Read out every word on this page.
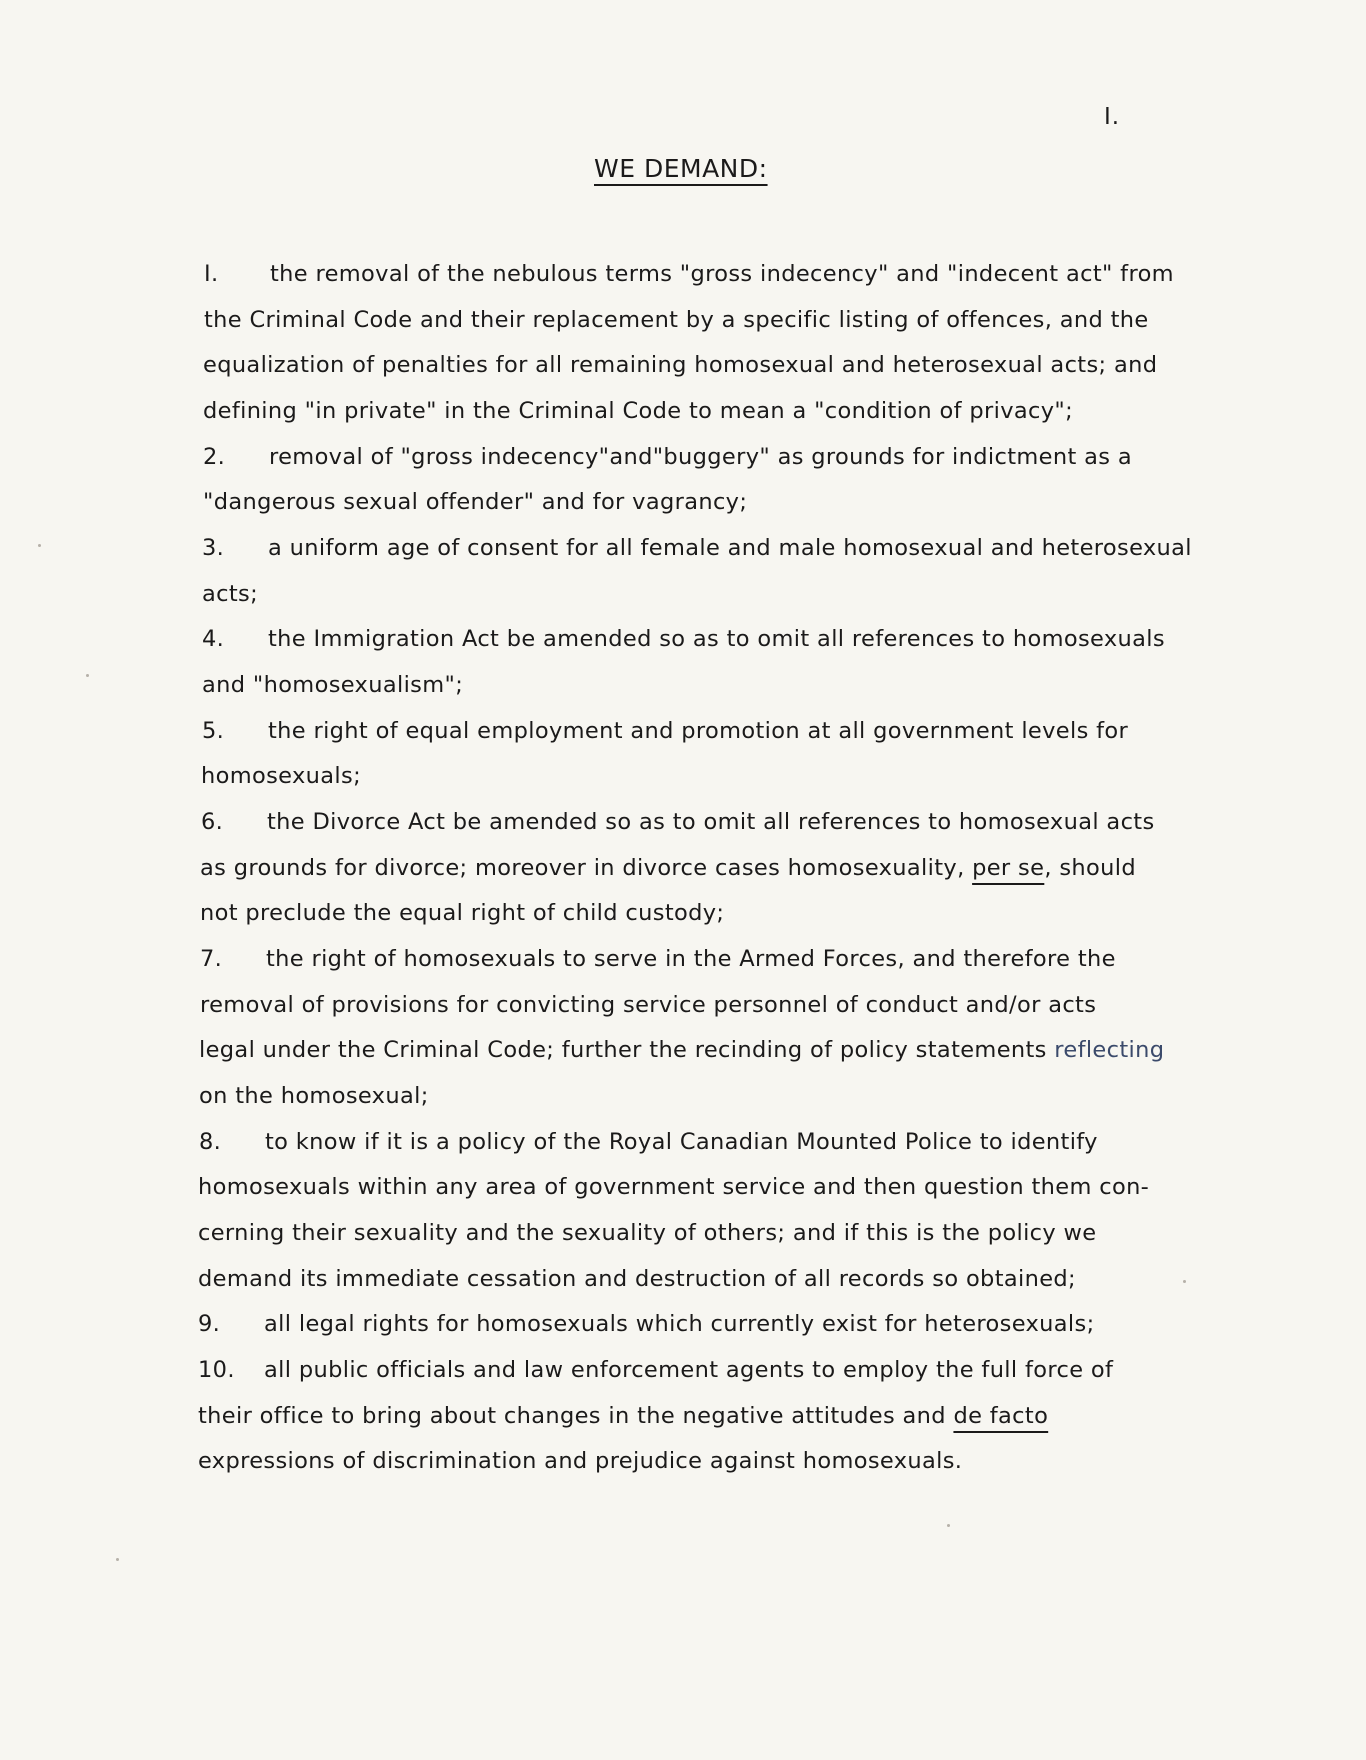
I.
WE DEMAND:
I. the removal of the nebulous terms "gross indecency" and "indecent act" from
the Criminal Code and their replacement by a specific listing of offences, and the
equalization of penalties for all remaining homosexual and heterosexual acts; and
defining "in private" in the Criminal Code to mean a "condition of privacy";
2. removal of "gross indecency"and"buggery" as grounds for indictment as a
"dangerous sexual offender" and for vagrancy;
3. a uniform age of consent for all female and male homosexual and heterosexual
acts;
4. the Immigration Act be amended so as to omit all references to homosexuals
and "homosexualism";
5. the right of equal employment and promotion at all government levels for
homosexuals;
6. the Divorce Act be amended so as to omit all references to homosexual acts
as grounds for divorce; moreover in divorce cases homosexuality, per se, should
not preclude the equal right of child custody;
7. the right of homosexuals to serve in the Armed Forces, and therefore the
removal of provisions for convicting service personnel of conduct and/or acts
legal under the Criminal Code; further the recinding of policy statements reflecting
on the homosexual;
8. to know if it is a policy of the Royal Canadian Mounted Police to identify
homosexuals within any area of government service and then question them con-
cerning their sexuality and the sexuality of others; and if this is the policy we
demand its immediate cessation and destruction of all records so obtained;
9. all legal rights for homosexuals which currently exist for heterosexuals;
10. all public officials and law enforcement agents to employ the full force of
their office to bring about changes in the negative attitudes and de facto
expressions of discrimination and prejudice against homosexuals.
